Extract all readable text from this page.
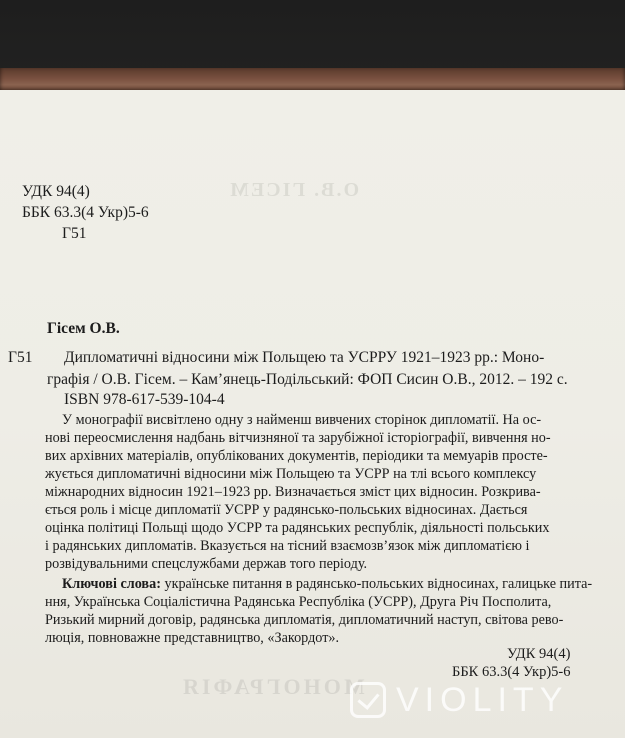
О.В. ГІСЕМ
УДК 94(4)
ББК 63.3(4 Укр)5-6
Г51
Гісем О.В.
Г51 Дипломатичні відносини між Польщею та УСРРУ 1921–1923 рр.: Моно-
графія / О.В. Гісем. – Кам’янець-Подільський: ФОП Сисин О.В., 2012. – 192 с.
ISBN 978-617-539-104-4
У монографії висвітлено одну з найменш вивчених сторінок дипломатії. На ос-
нові переосмислення надбань вітчизняної та зарубіжної історіографії, вивчення но-
вих архівних матеріалів, опублікованих документів, періодики та мемуарів просте-
жується дипломатичні відносини між Польщею та УСРР на тлі всього комплексу
міжнародних відносин 1921–1923 рр. Визначається зміст цих відносин. Розкрива-
ється роль і місце дипломатії УСРР у радянсько-польських відносинах. Дається
оцінка політиці Польщі щодо УСРР та радянських республік, діяльності польських
і радянських дипломатів. Вказується на тісний взаємозв’язок між дипломатією і
розвідувальними спецслужбами держав того періоду.
Ключові слова: українське питання в радянсько-польських відносинах, галицьке пита-
ння, Українська Соціалістична Радянська Республіка (УСРР), Друга Річ Посполита,
Ризький мирний договір, радянська дипломатія, дипломатичний наступ, світова рево-
люція, повноважне представництво, «Закордот».
УДК 94(4)
ББК 63.3(4 Укр)5-6
МОНОГРАФІЯ VIOLITY
